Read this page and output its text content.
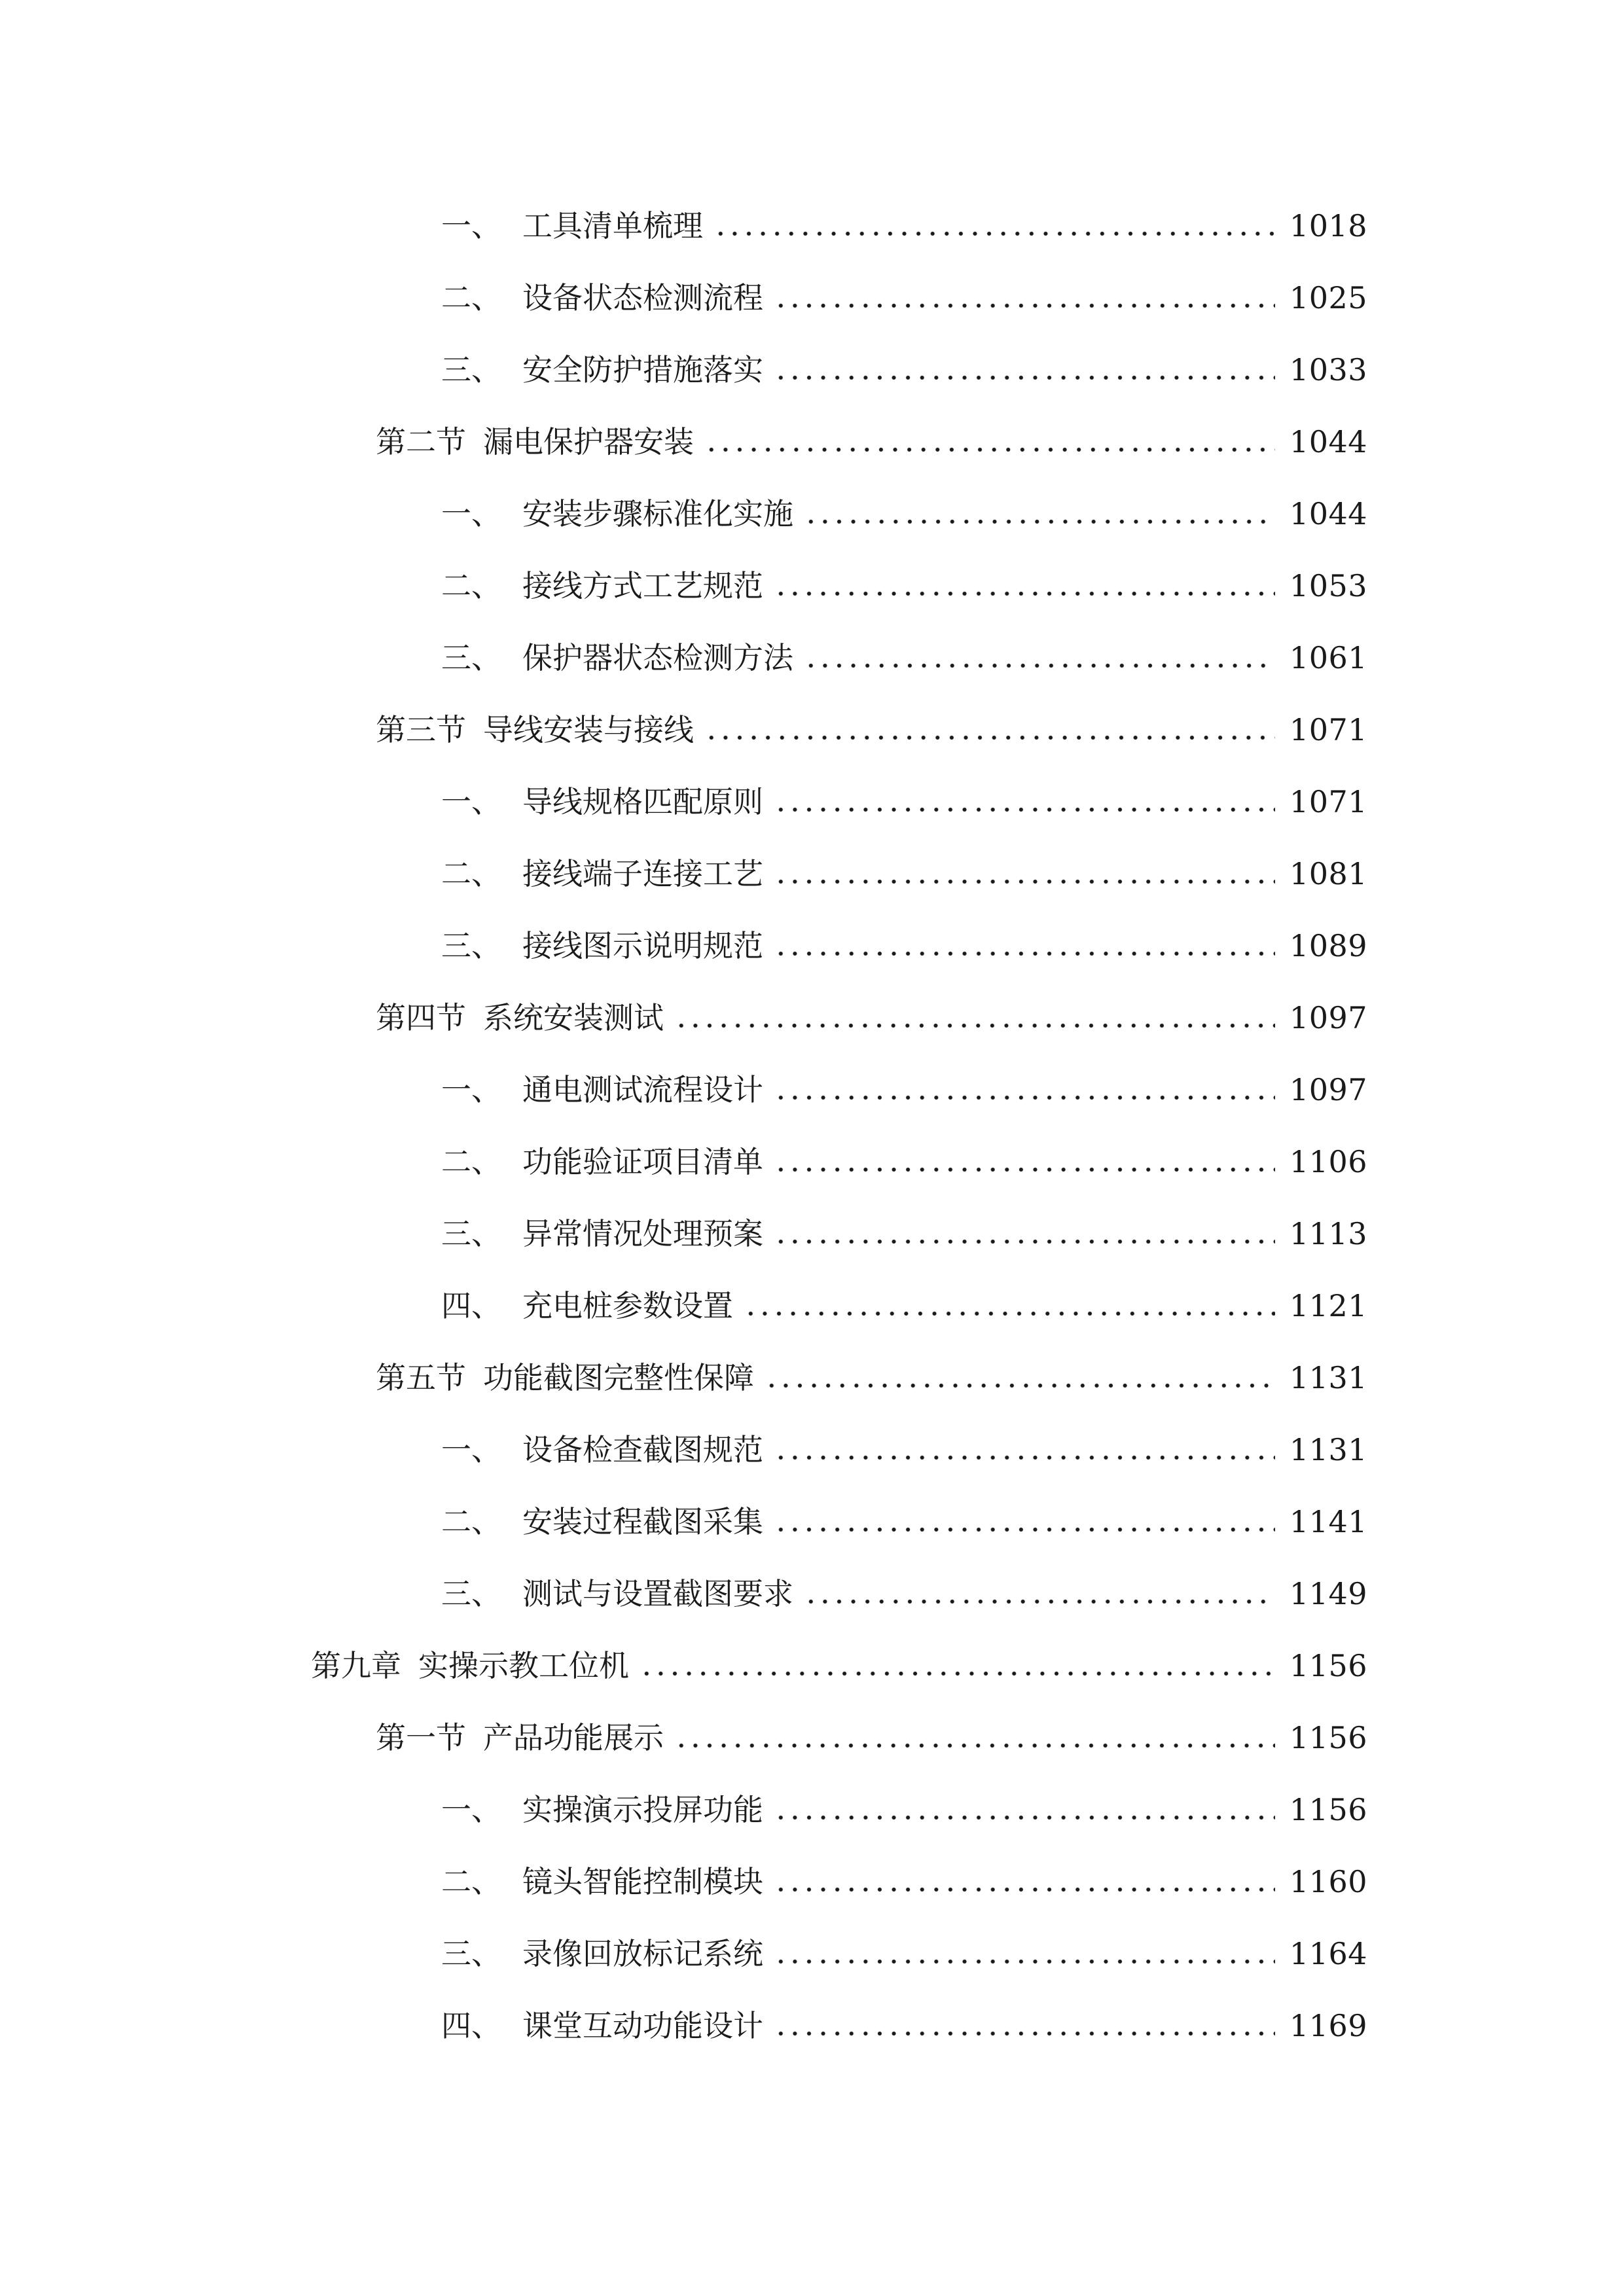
一、 工具清单梳理	1018
二、 设备状态检测流程	1025
三、 安全防护措施落实	1033
第二节 漏电保护器安装	1044
一、 安装步骤标准化实施	1044
二、 接线方式工艺规范	1053
三、 保护器状态检测方法	1061
第三节 导线安装与接线	1071
一、 导线规格匹配原则	1071
二、 接线端子连接工艺	1081
三、 接线图示说明规范	1089
第四节 系统安装测试	1097
一、 通电测试流程设计	1097
二、 功能验证项目清单	1106
三、 异常情况处理预案	1113
四、 充电桩参数设置	1121
第五节 功能截图完整性保障	1131
一、 设备检查截图规范	1131
二、 安装过程截图采集	1141
三、 测试与设置截图要求	1149
第九章 实操示教工位机	1156
第一节 产品功能展示	1156
一、 实操演示投屏功能	1156
二、 镜头智能控制模块	1160
三、 录像回放标记系统	1164
四、 课堂互动功能设计	1169
